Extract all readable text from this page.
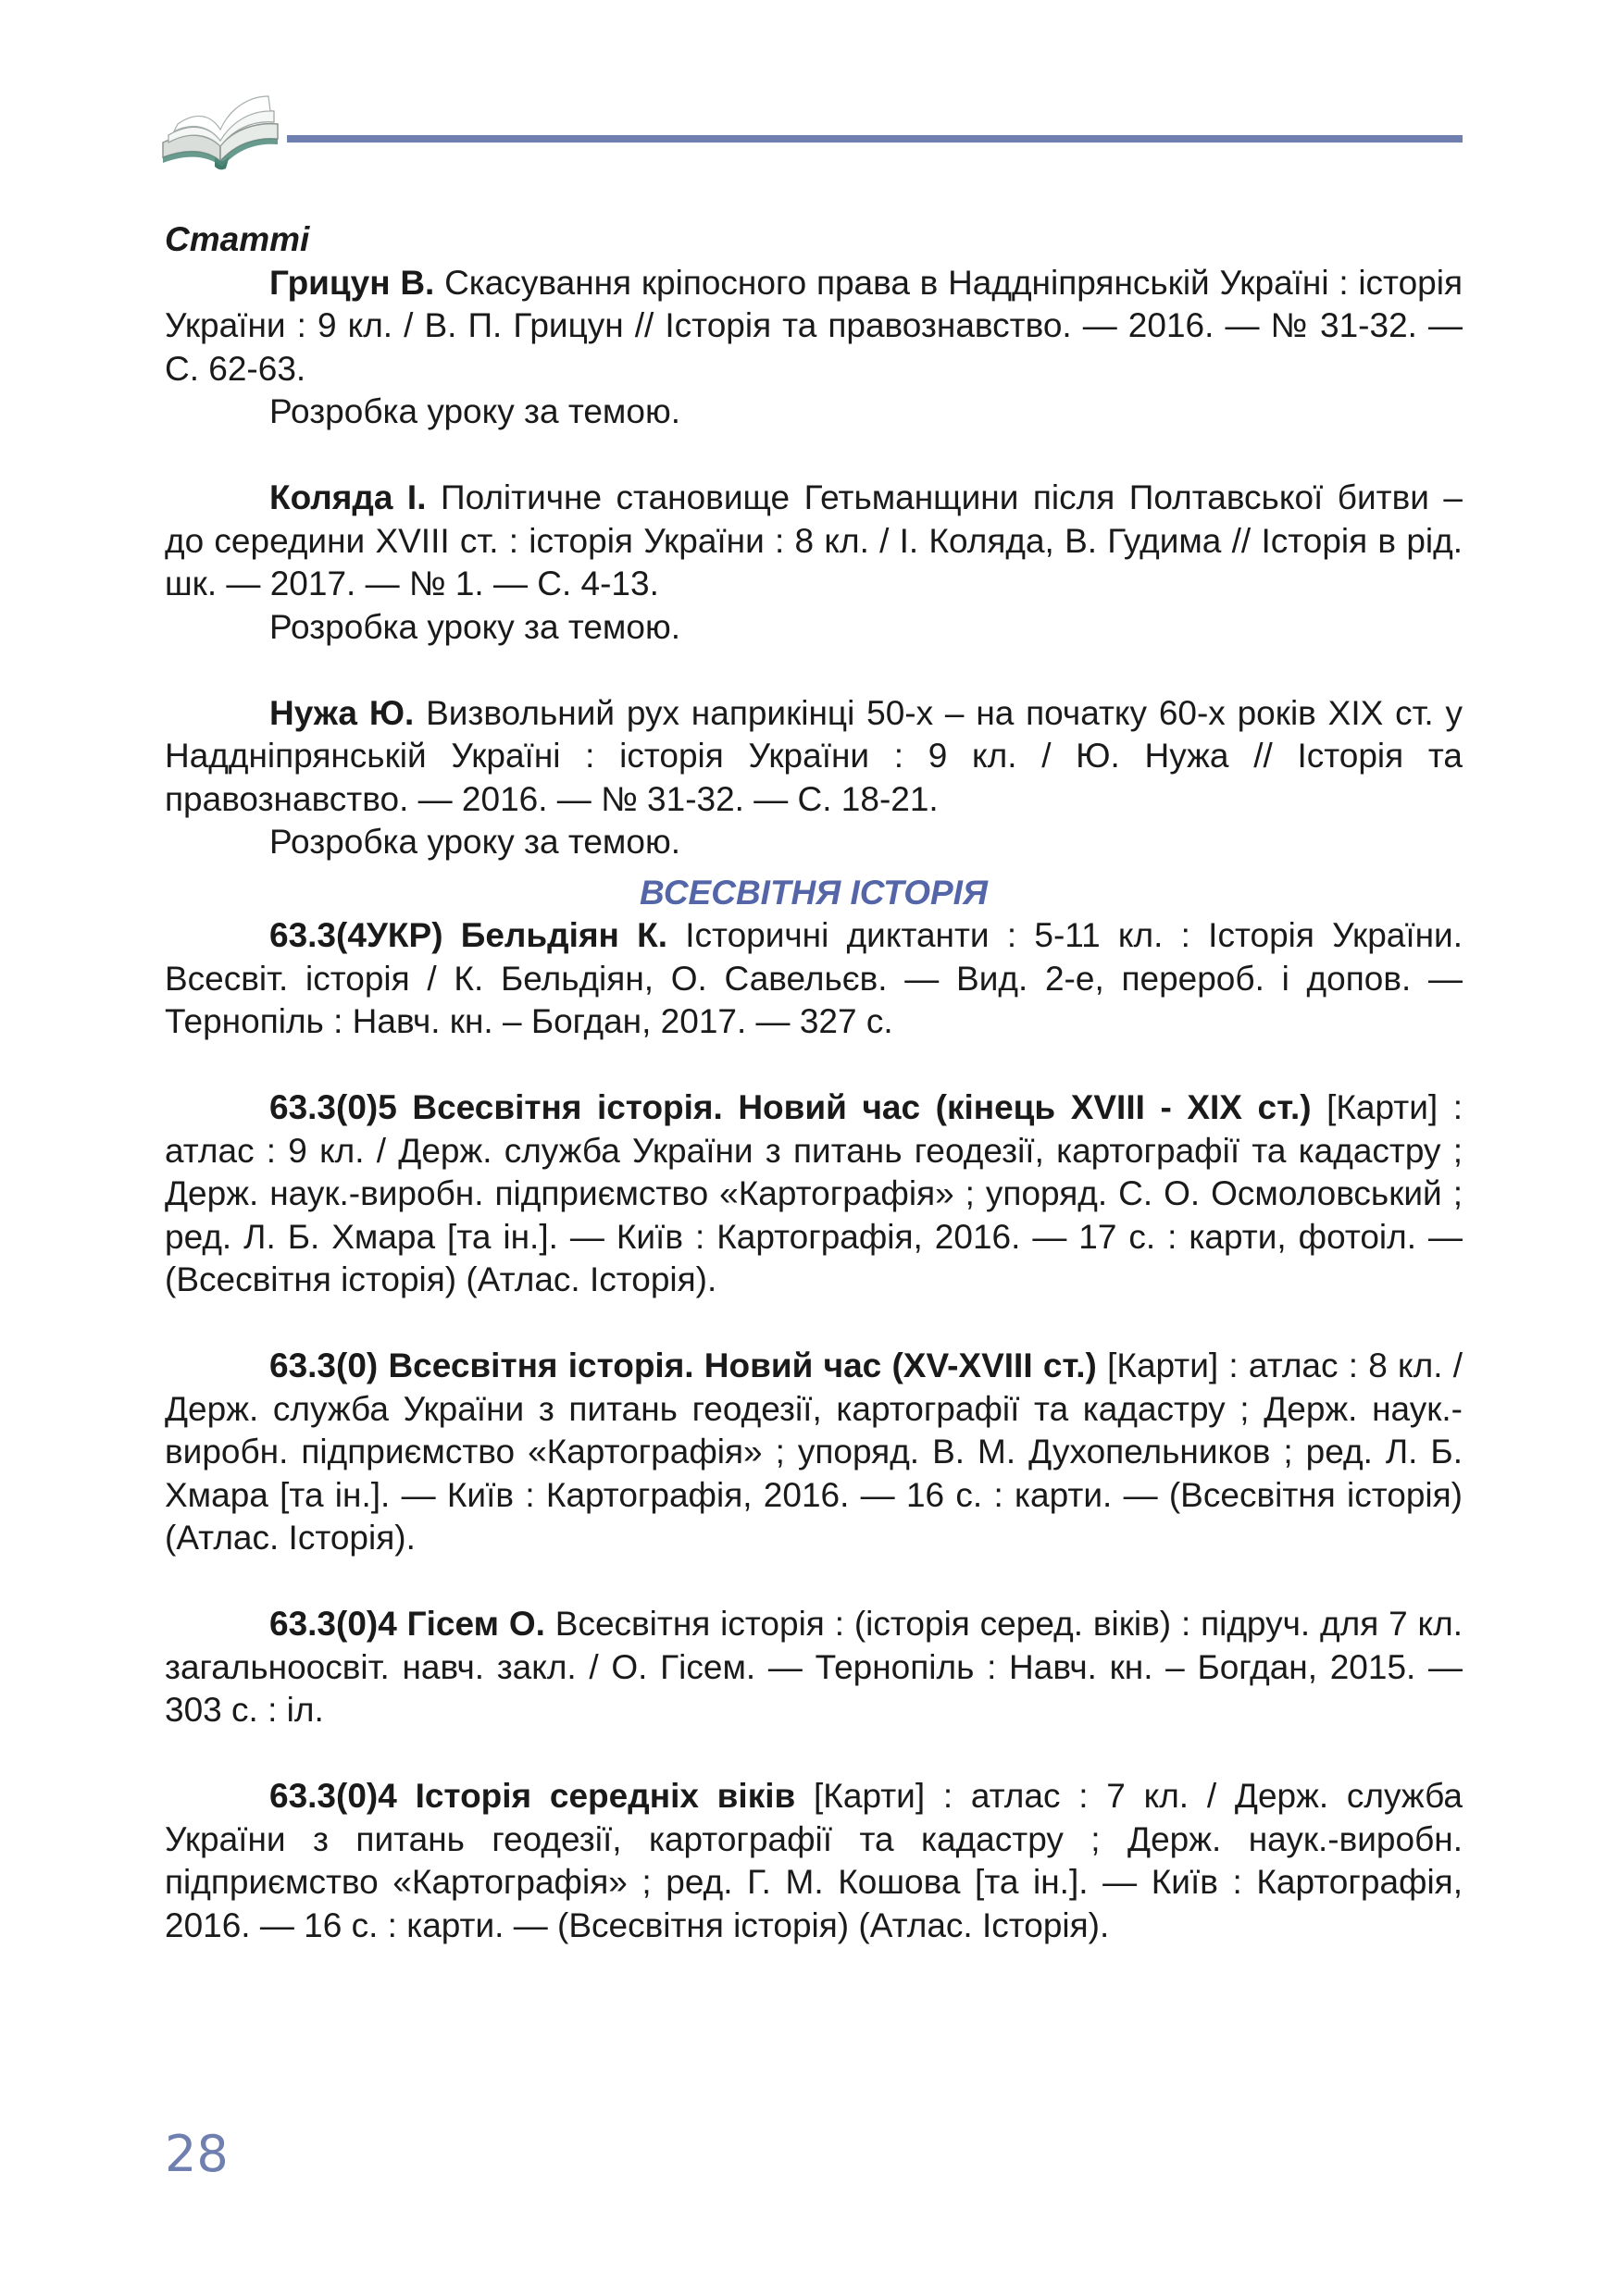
Статті

Грицун В. Скасування кріпосного права в Наддніпрянській Україні : історія України : 9 кл. / В. П. Грицун // Історія та правознавство. — 2016. — № 31-32. — С. 62-63.

Розробка уроку за темою.

Коляда І. Політичне становище Гетьманщини після Полтавської битви – до середини XVIII ст. : історія України : 8 кл. / І. Коляда, В. Гудима // Історія в рід. шк. — 2017. — № 1. — С. 4-13.

Розробка уроку за темою.

Нужа Ю. Визвольний рух наприкінці 50-х – на початку 60-х років XIX ст. у Наддніпрянській Україні : історія України : 9 кл. / Ю. Нужа // Історія та правознавство. — 2016. — № 31-32. — С. 18-21.

Розробка уроку за темою.

ВСЕСВІТНЯ ІСТОРІЯ

63.3(4УКР) Бельдіян К. Історичні диктанти : 5-11 кл. : Історія України. Всесвіт. історія / К. Бельдіян, О. Савельєв. — Вид. 2-е, перероб. і допов. — Тернопіль : Навч. кн. – Богдан, 2017. — 327 с.

63.3(0)5 Всесвітня історія. Новий час (кінець XVIII - XIX ст.) [Карти] : атлас : 9 кл. / Держ. служба України з питань геодезії, картографії та кадастру ; Держ. наук.-виробн. підприємство «Картографія» ; упоряд. С. О. Осмоловський ; ред. Л. Б. Хмара [та ін.]. — Київ : Картографія, 2016. — 17 с. : карти, фотоіл. — (Всесвітня історія) (Атлас. Історія).

63.3(0) Всесвітня історія. Новий час (XV-XVIII ст.) [Карти] : атлас : 8 кл. / Держ. служба України з питань геодезії, картографії та кадастру ; Держ. наук.-виробн. підприємство «Картографія» ; упоряд. В. М. Духопельников ; ред. Л. Б. Хмара [та ін.]. — Київ : Картографія, 2016. — 16 с. : карти. — (Всесвітня історія) (Атлас. Історія).

63.3(0)4 Гісем О. Всесвітня історія : (історія серед. віків) : підруч. для 7 кл. загальноосвіт. навч. закл. / О. Гісем. — Тернопіль : Навч. кн. – Богдан, 2015. — 303 с. : іл.

63.3(0)4 Історія середніх віків [Карти] : атлас : 7 кл. / Держ. служба України з питань геодезії, картографії та кадастру ; Держ. наук.-виробн. підприємство «Картографія» ; ред. Г. М. Кошова [та ін.]. — Київ : Картографія, 2016. — 16 с. : карти. — (Всесвітня історія) (Атлас. Історія).

28
